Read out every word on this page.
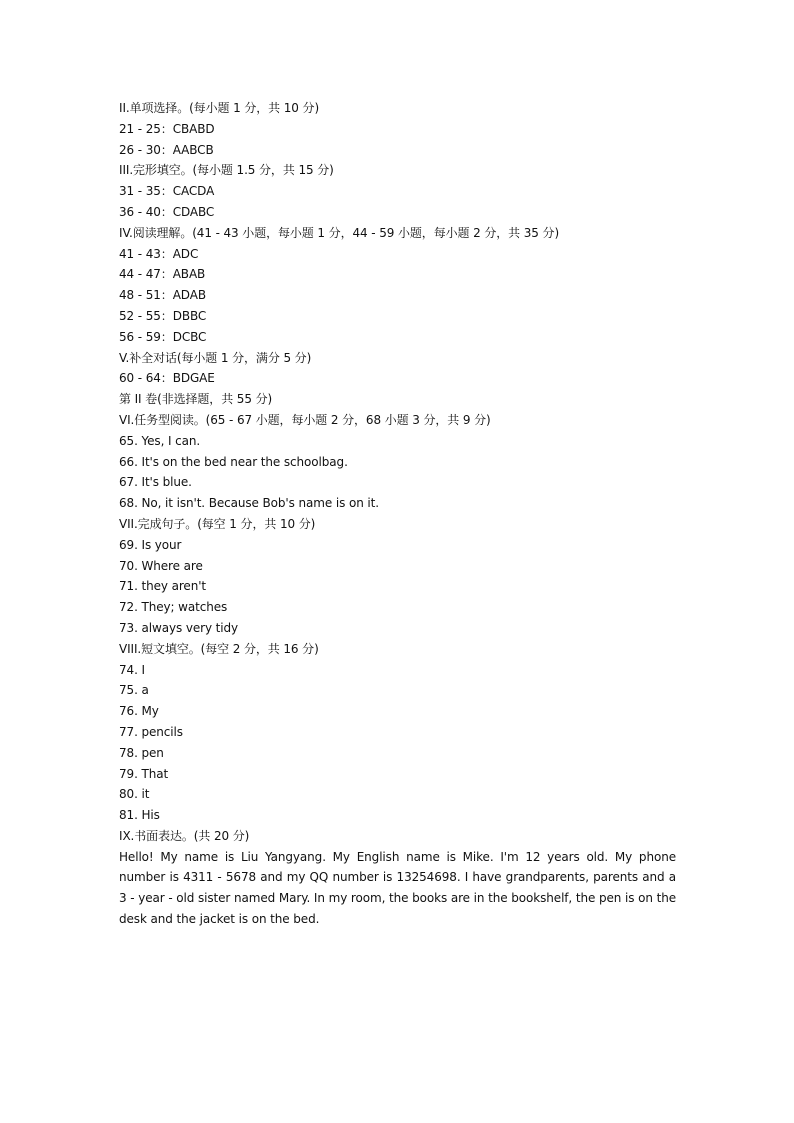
II.单项选择。(每小题 1 分，共 10 分)
21 - 25：CBABD
26 - 30：AABCB
III.完形填空。(每小题 1.5 分，共 15 分)
31 - 35：CACDA
36 - 40：CDABC
IV.阅读理解。(41 - 43 小题，每小题 1 分，44 - 59 小题，每小题 2 分，共 35 分)
41 - 43：ADC
44 - 47：ABAB
48 - 51：ADAB
52 - 55：DBBC
56 - 59：DCBC
V.补全对话(每小题 1 分，满分 5 分)
60 - 64：BDGAE
第 II 卷(非选择题，共 55 分)
VI.任务型阅读。(65 - 67 小题，每小题 2 分，68 小题 3 分，共 9 分)
65. Yes, I can.
66. It's on the bed near the schoolbag.
67. It's blue.
68. No, it isn't. Because Bob's name is on it.
VII.完成句子。(每空 1 分，共 10 分)
69. Is your
70. Where are
71. they aren't
72. They; watches
73. always very tidy
VIII.短文填空。(每空 2 分，共 16 分)
74. I
75. a
76. My
77. pencils
78. pen
79. That
80. it
81. His
IX.书面表达。(共 20 分)

Hello! My name is Liu Yangyang. My English name is Mike. I'm 12 years old. My phone number is 4311 - 5678 and my QQ number is 13254698. I have grandparents, parents and a 3 - year - old sister named Mary. In my room, the books are in the bookshelf, the pen is on the desk and the jacket is on the bed.
